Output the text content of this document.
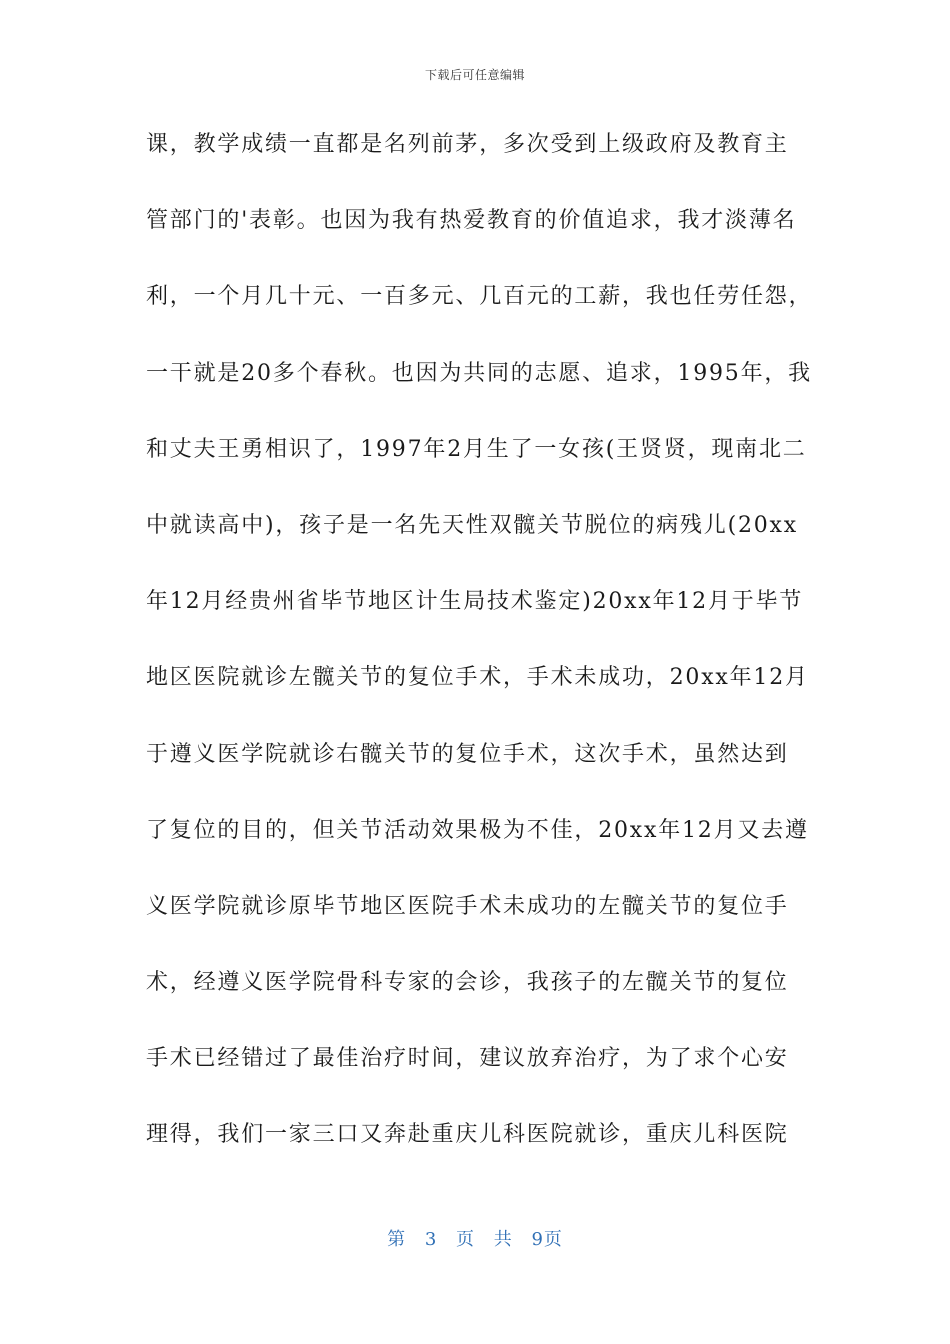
下载后可任意编辑
课，教学成绩一直都是名列前茅，多次受到上级政府及教育主
管部门的'表彰。也因为我有热爱教育的价值追求，我才淡薄名
利，一个月几十元、一百多元、几百元的工薪，我也任劳任怨，
一干就是20多个春秋。也因为共同的志愿、追求，1995年，我
和丈夫王勇相识了，1997年2月生了一女孩(王贤贤，现南北二
中就读高中)，孩子是一名先天性双髋关节脱位的病残儿(20xx
年12月经贵州省毕节地区计生局技术鉴定)20xx年12月于毕节
地区医院就诊左髋关节的复位手术，手术未成功，20xx年12月
于遵义医学院就诊右髋关节的复位手术，这次手术，虽然达到
了复位的目的，但关节活动效果极为不佳，20xx年12月又去遵
义医学院就诊原毕节地区医院手术未成功的左髋关节的复位手
术，经遵义医学院骨科专家的会诊，我孩子的左髋关节的复位
手术已经错过了最佳治疗时间，建议放弃治疗，为了求个心安
理得，我们一家三口又奔赴重庆儿科医院就诊，重庆儿科医院
第 3 页 共 9页
